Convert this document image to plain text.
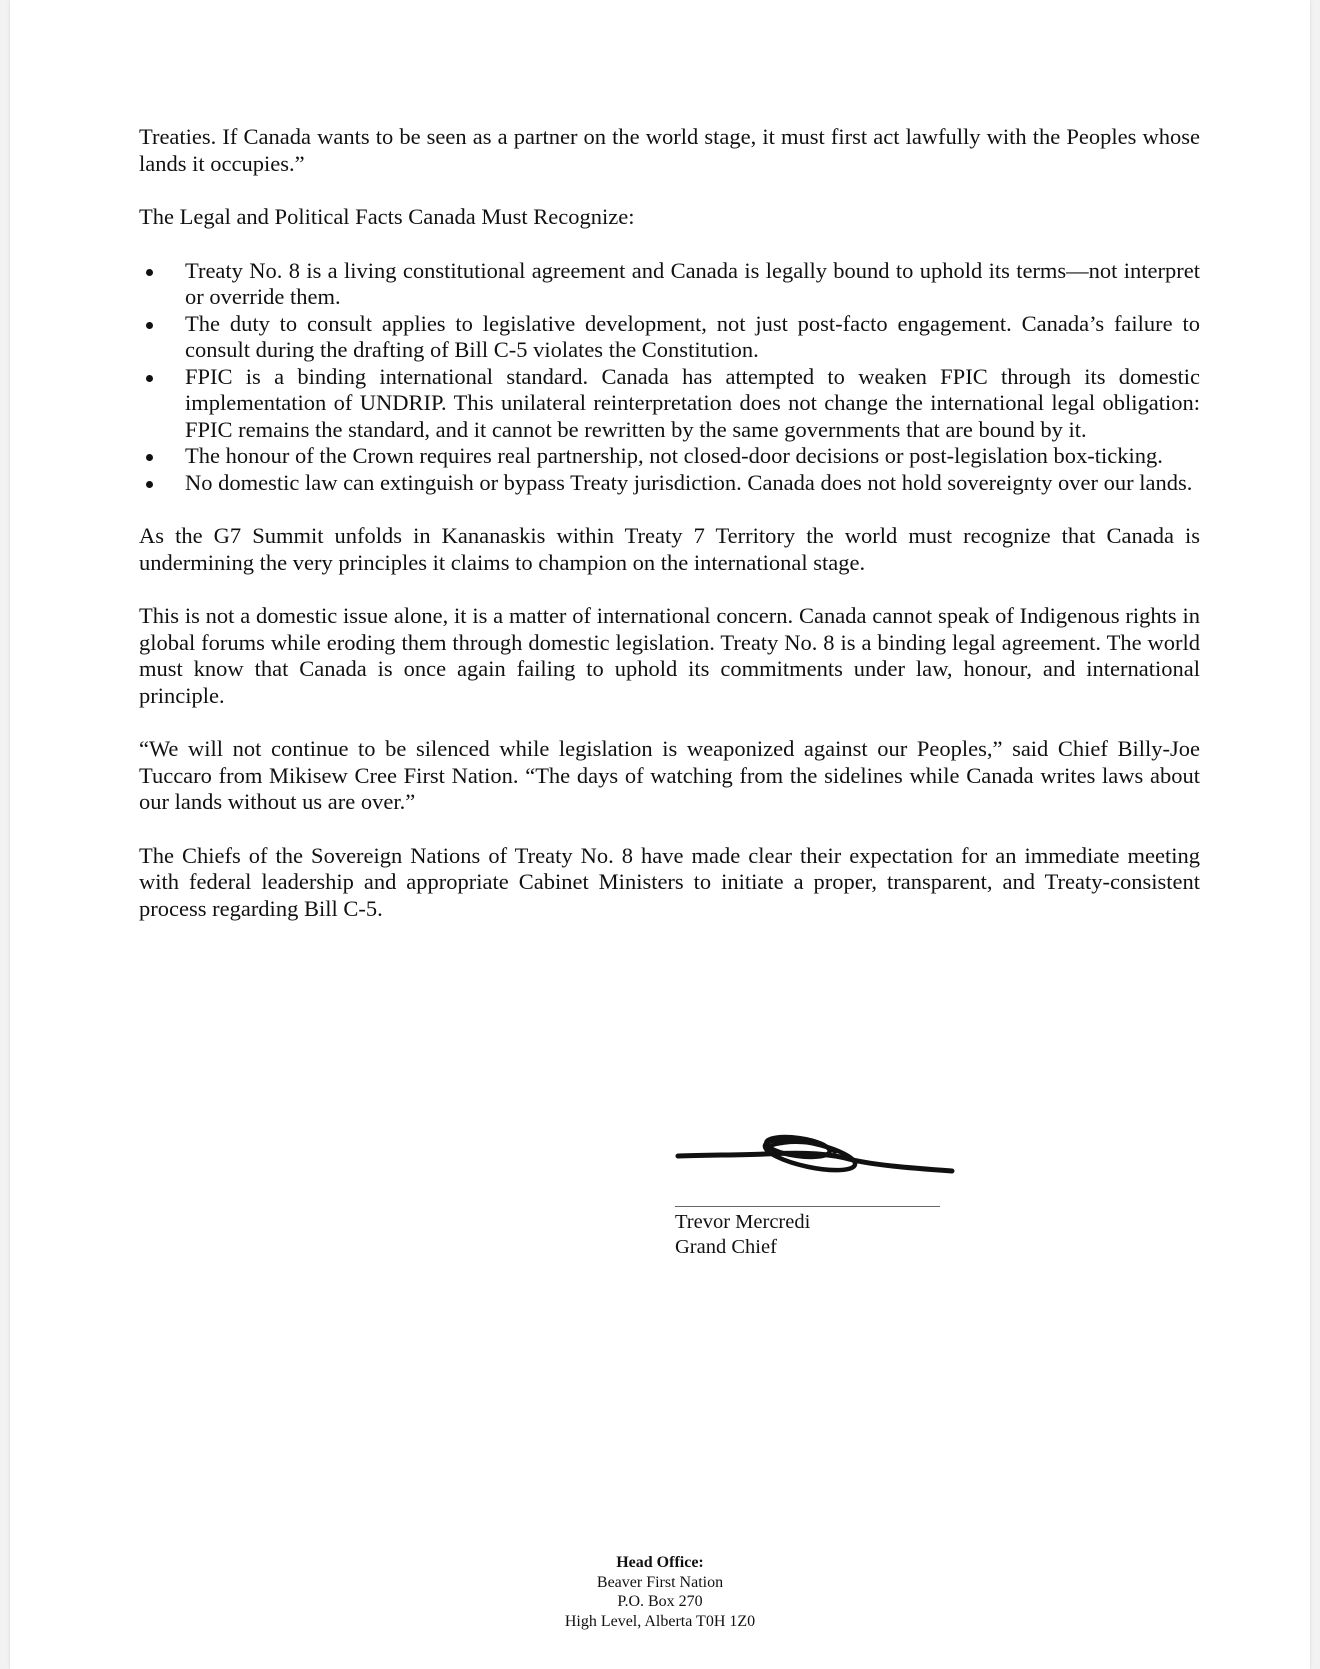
Treaties. If Canada wants to be seen as a partner on the world stage, it must first act lawfully with the Peoples whose lands it occupies.”

The Legal and Political Facts Canada Must Recognize:

Treaty No. 8 is a living constitutional agreement and Canada is legally bound to uphold its terms—not interpret or override them.
The duty to consult applies to legislative development, not just post-facto engagement. Canada’s failure to consult during the drafting of Bill C-5 violates the Constitution.
FPIC is a binding international standard. Canada has attempted to weaken FPIC through its domestic implementation of UNDRIP. This unilateral reinterpretation does not change the international legal obligation: FPIC remains the standard, and it cannot be rewritten by the same governments that are bound by it.
The honour of the Crown requires real partnership, not closed-door decisions or post-legislation box-ticking.
No domestic law can extinguish or bypass Treaty jurisdiction. Canada does not hold sovereignty over our lands.

As the G7 Summit unfolds in Kananaskis within Treaty 7 Territory the world must recognize that Canada is undermining the very principles it claims to champion on the international stage.

This is not a domestic issue alone, it is a matter of international concern. Canada cannot speak of Indigenous rights in global forums while eroding them through domestic legislation. Treaty No. 8 is a binding legal agreement. The world must know that Canada is once again failing to uphold its commitments under law, honour, and international principle.

“We will not continue to be silenced while legislation is weaponized against our Peoples,” said Chief Billy-Joe Tuccaro from Mikisew Cree First Nation. “The days of watching from the sidelines while Canada writes laws about our lands without us are over.”

The Chiefs of the Sovereign Nations of Treaty No. 8 have made clear their expectation for an immediate meeting with federal leadership and appropriate Cabinet Ministers to initiate a proper, transparent, and Treaty-consistent process regarding Bill C-5.

Trevor Mercredi
Grand Chief
Head Office:
Beaver First Nation
P.O. Box 270
High Level, Alberta T0H 1Z0
